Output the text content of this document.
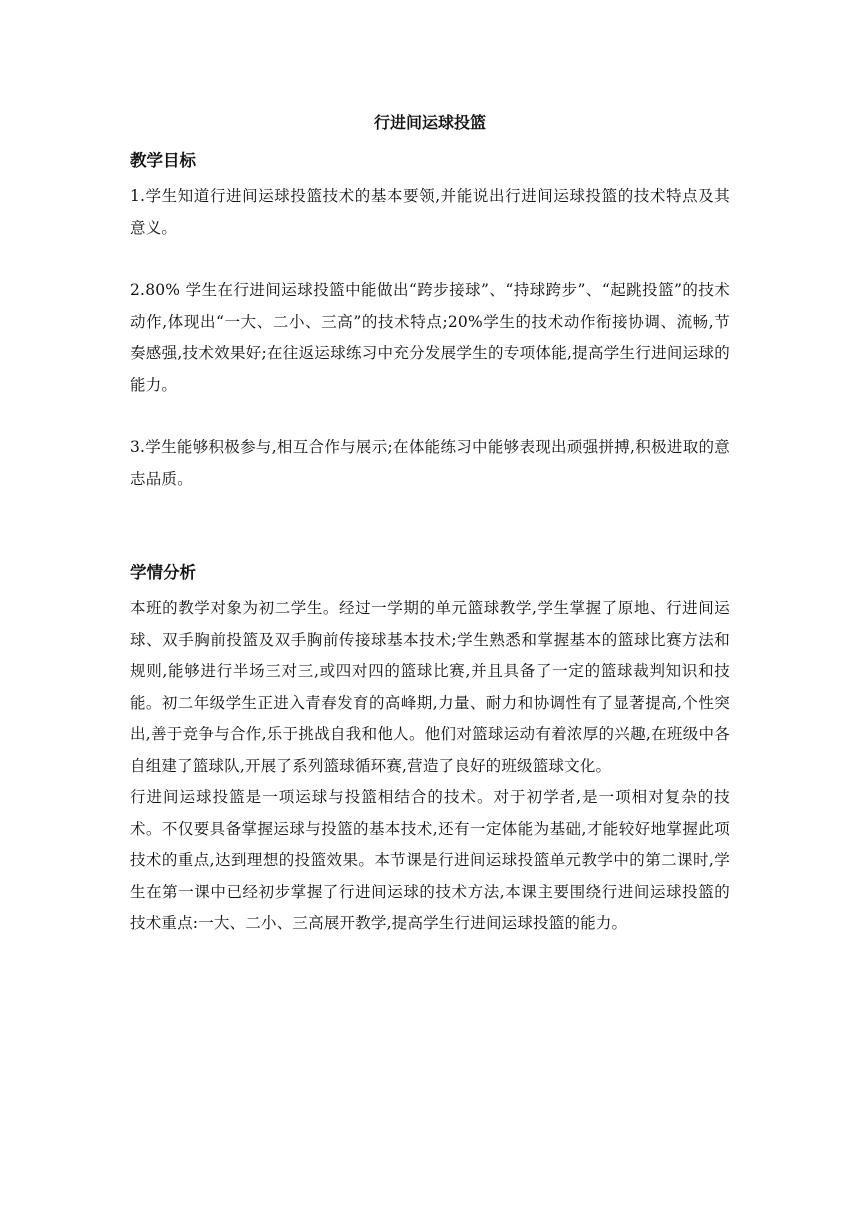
行进间运球投篮
教学目标

1.学生知道行进间运球投篮技术的基本要领,并能说出行进间运球投篮的技术特点及其意义。

2.80% 学生在行进间运球投篮中能做出“跨步接球”、“持球跨步”、“起跳投篮”的技术动作,体现出“一大、二小、三高”的技术特点;20%学生的技术动作衔接协调、流畅,节奏感强,技术效果好;在往返运球练习中充分发展学生的专项体能,提高学生行进间运球的能力。

3.学生能够积极参与,相互合作与展示;在体能练习中能够表现出顽强拼搏,积极进取的意志品质。

学情分析

本班的教学对象为初二学生。经过一学期的单元篮球教学,学生掌握了原地、行进间运球、双手胸前投篮及双手胸前传接球基本技术;学生熟悉和掌握基本的篮球比赛方法和规则,能够进行半场三对三,或四对四的篮球比赛,并且具备了一定的篮球裁判知识和技能。初二年级学生正进入青春发育的高峰期,力量、耐力和协调性有了显著提高,个性突出,善于竞争与合作,乐于挑战自我和他人。他们对篮球运动有着浓厚的兴趣,在班级中各自组建了篮球队,开展了系列篮球循环赛,营造了良好的班级篮球文化。

行进间运球投篮是一项运球与投篮相结合的技术。对于初学者,是一项相对复杂的技术。不仅要具备掌握运球与投篮的基本技术,还有一定体能为基础,才能较好地掌握此项技术的重点,达到理想的投篮效果。本节课是行进间运球投篮单元教学中的第二课时,学生在第一课中已经初步掌握了行进间运球的技术方法,本课主要围绕行进间运球投篮的技术重点:一大、二小、三高展开教学,提高学生行进间运球投篮的能力。
